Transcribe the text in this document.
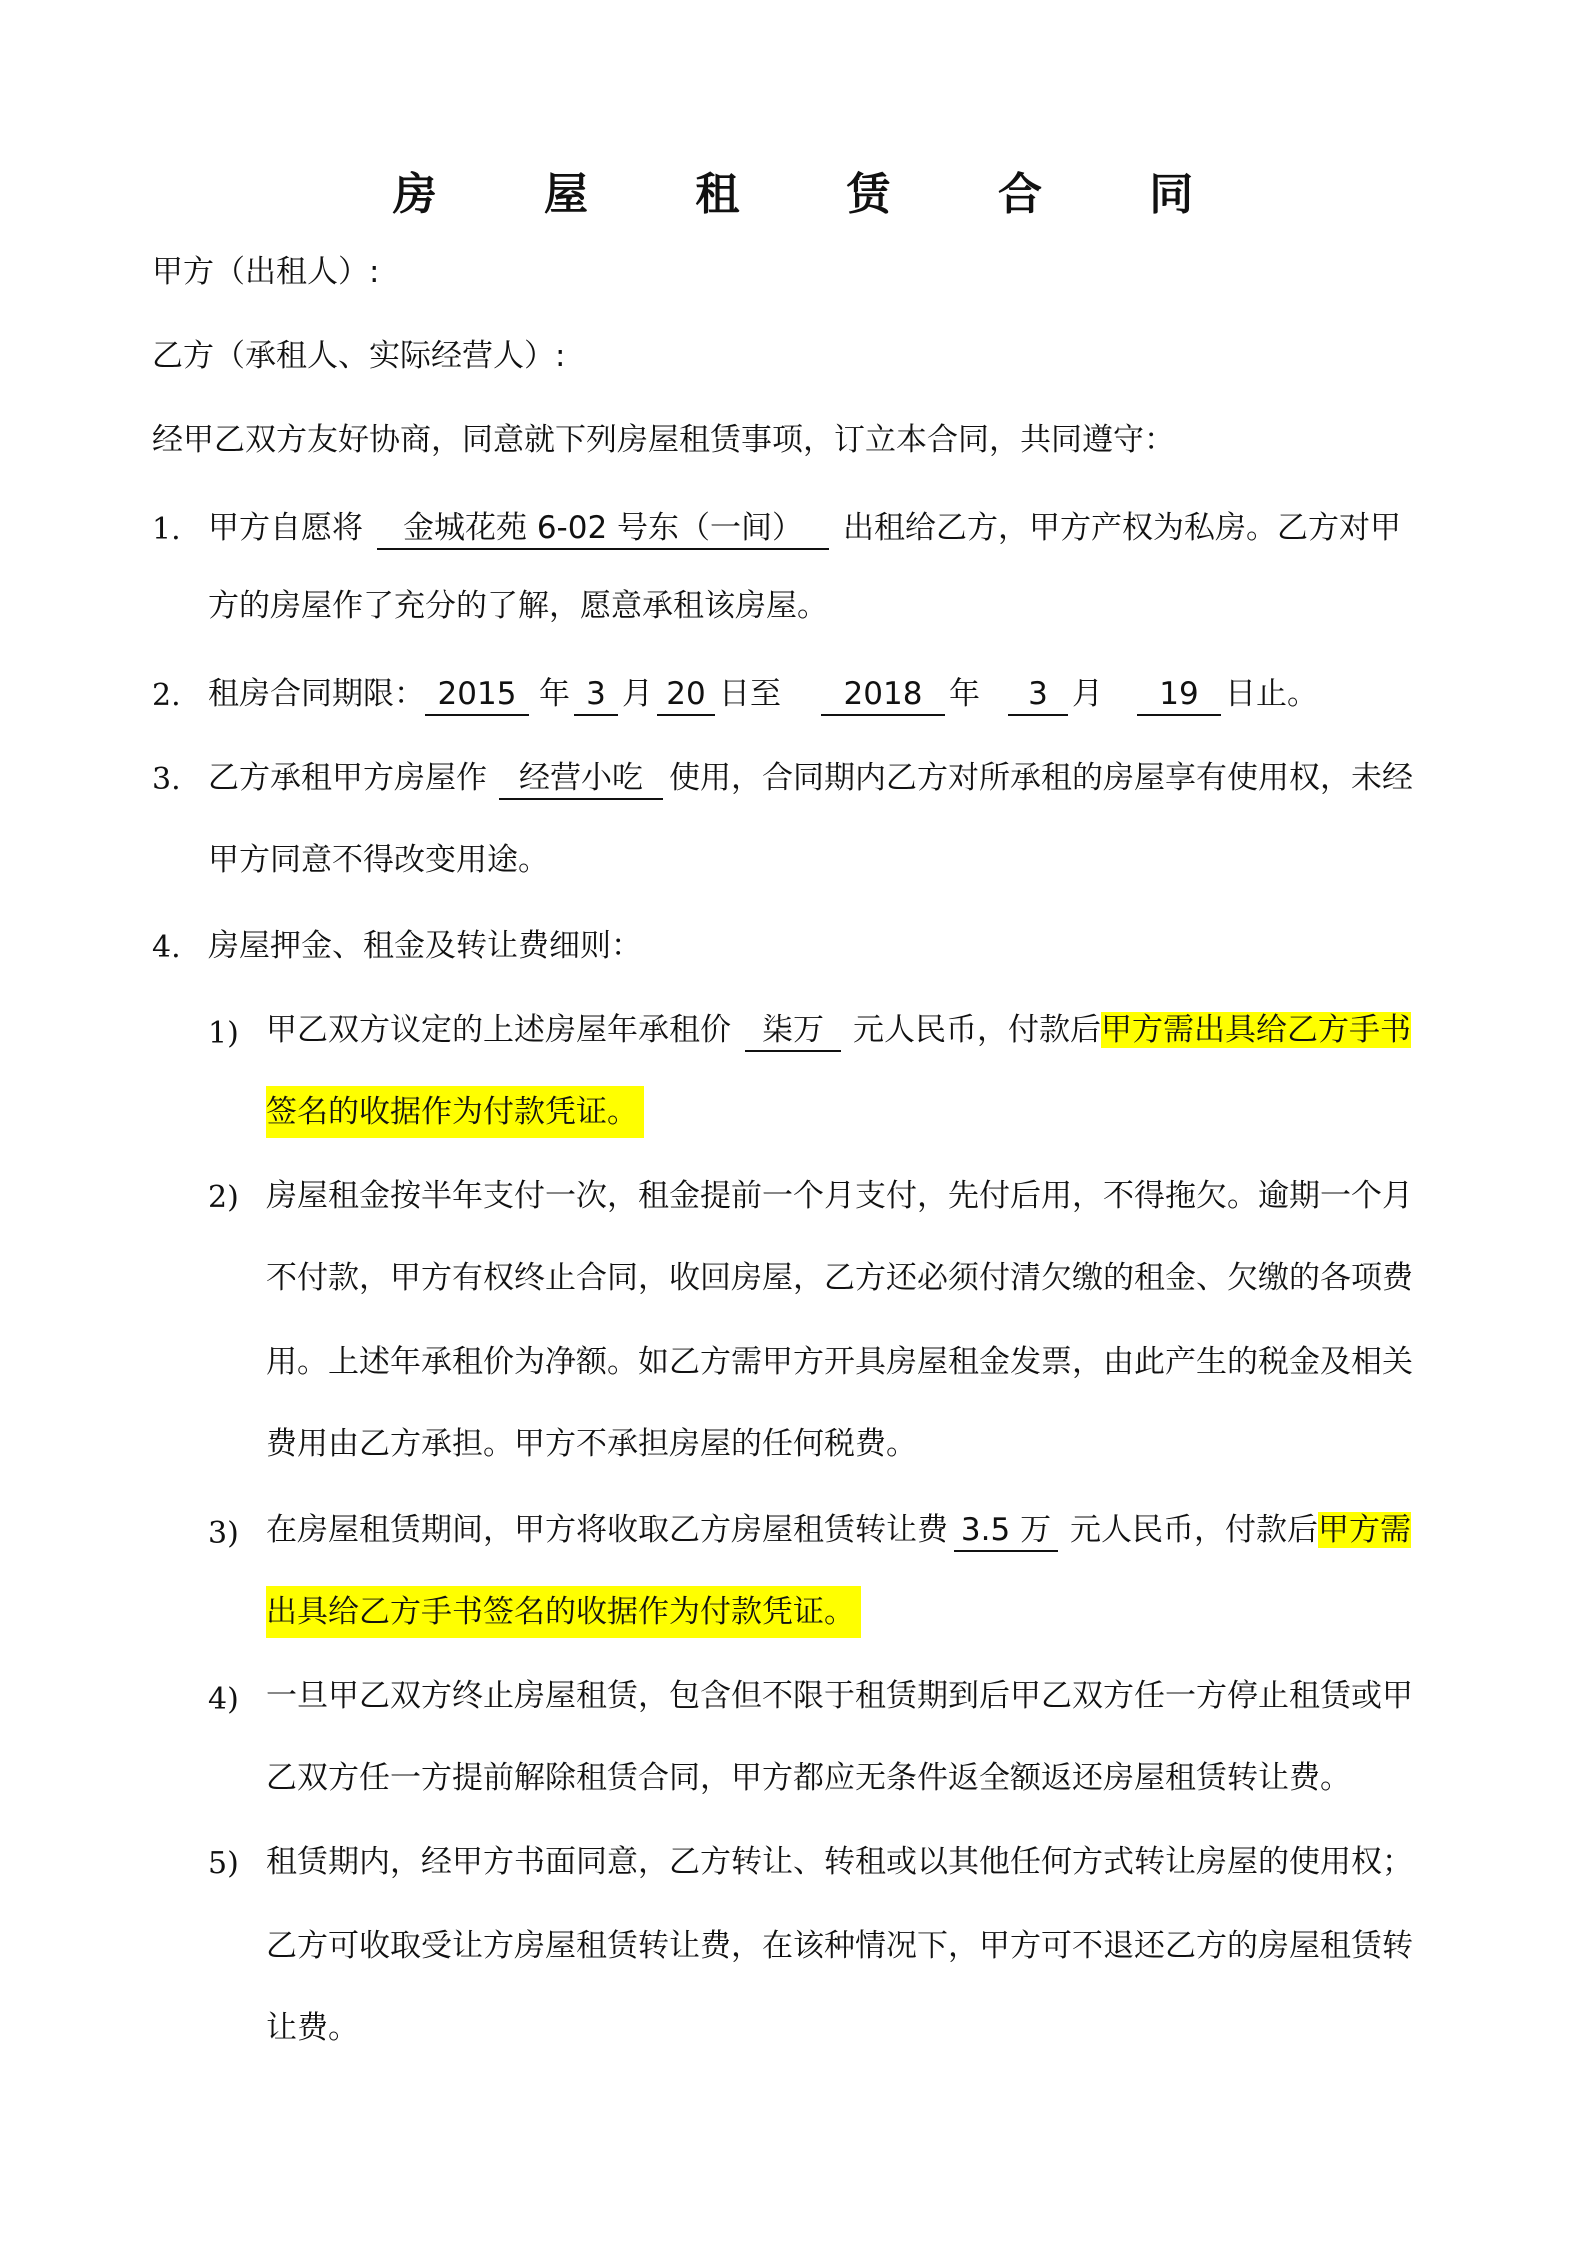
房 屋 租 赁 合 同
甲方（出租人）:
乙方（承租人、实际经营人）:
经甲乙双方友好协商，同意就下列房屋租赁事项，订立本合同，共同遵守：
1. 甲方自愿将 金城花苑 6-02 号东（一间） 出租给乙方，甲方产权为私房。乙方对甲
方的房屋作了充分的了解，愿意承租该房屋。
2. 租房合同期限： 2015 年 3 月 20 日至 2018 年 3 月 19 日止。
3. 乙方承租甲方房屋作 经营小吃 使用，合同期内乙方对所承租的房屋享有使用权，未经
甲方同意不得改变用途。
4. 房屋押金、租金及转让费细则：
1) 甲乙双方议定的上述房屋年承租价 柒万 元人民币，付款后甲方需出具给乙方手书
签名的收据作为付款凭证。
2) 房屋租金按半年支付一次，租金提前一个月支付，先付后用，不得拖欠。逾期一个月
不付款，甲方有权终止合同，收回房屋，乙方还必须付清欠缴的租金、欠缴的各项费
用。上述年承租价为净额。如乙方需甲方开具房屋租金发票，由此产生的税金及相关
费用由乙方承担。甲方不承担房屋的任何税费。
3) 在房屋租赁期间，甲方将收取乙方房屋租赁转让费 3.5 万 元人民币，付款后甲方需
出具给乙方手书签名的收据作为付款凭证。
4) 一旦甲乙双方终止房屋租赁，包含但不限于租赁期到后甲乙双方任一方停止租赁或甲
乙双方任一方提前解除租赁合同，甲方都应无条件返全额返还房屋租赁转让费。
5) 租赁期内，经甲方书面同意，乙方转让、转租或以其他任何方式转让房屋的使用权；
乙方可收取受让方房屋租赁转让费，在该种情况下，甲方可不退还乙方的房屋租赁转
让费。
